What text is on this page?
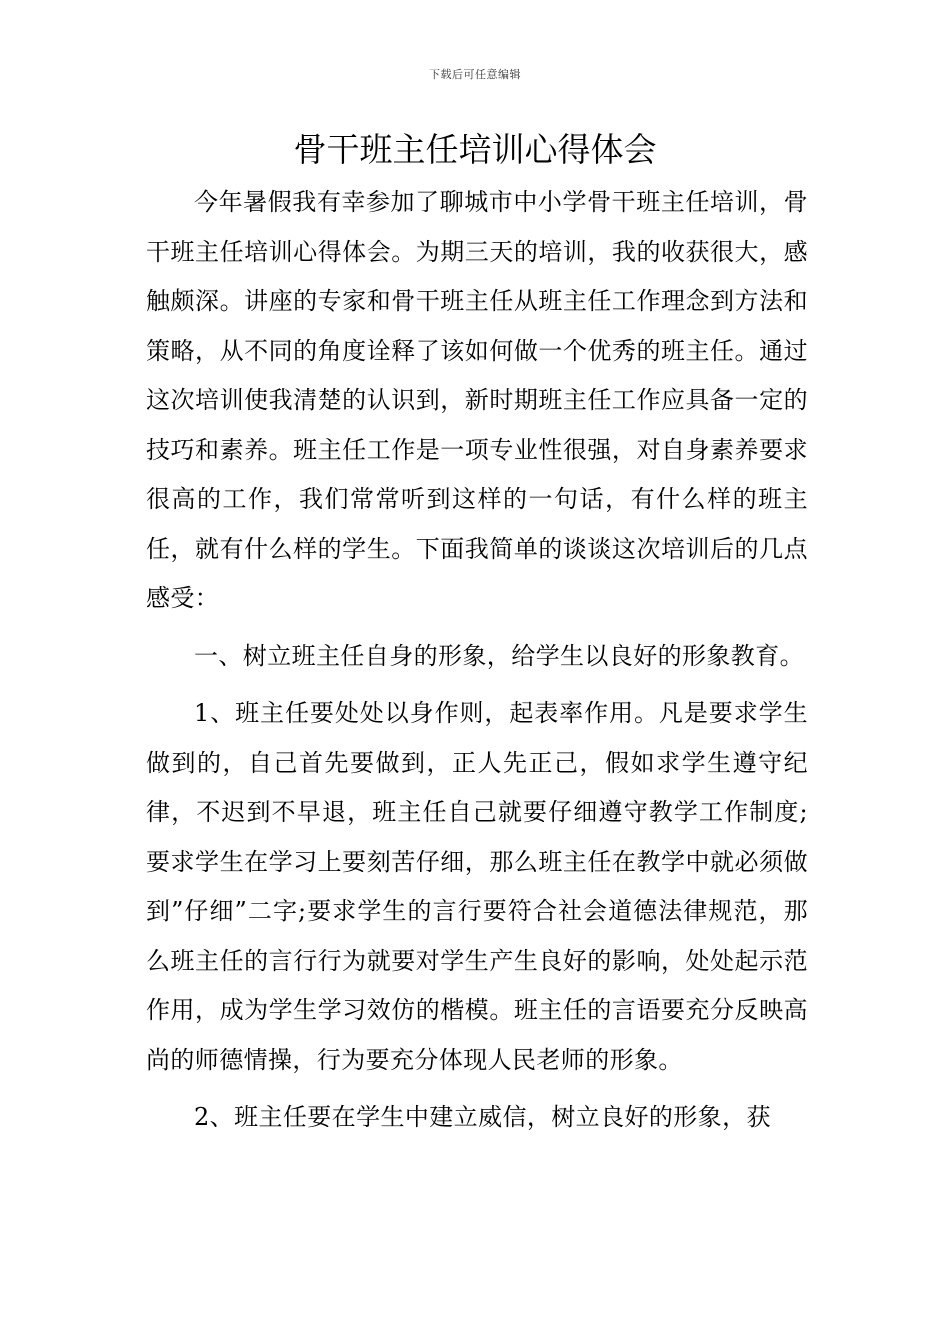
下载后可任意编辑
骨干班主任培训心得体会

今年暑假我有幸参加了聊城市中小学骨干班主任培训，骨干班主任培训心得体会。为期三天的培训，我的收获很大，感触颇深。讲座的专家和骨干班主任从班主任工作理念到方法和策略，从不同的角度诠释了该如何做一个优秀的班主任。通过这次培训使我清楚的认识到，新时期班主任工作应具备一定的技巧和素养。班主任工作是一项专业性很强，对自身素养要求很高的工作，我们常常听到这样的一句话，有什么样的班主任，就有什么样的学生。下面我简单的谈谈这次培训后的几点感受：

一、树立班主任自身的形象，给学生以良好的形象教育。

1、班主任要处处以身作则，起表率作用。凡是要求学生做到的，自己首先要做到，正人先正己，假如求学生遵守纪律，不迟到不早退，班主任自己就要仔细遵守教学工作制度;要求学生在学习上要刻苦仔细，那么班主任在教学中就必须做到”仔细”二字;要求学生的言行要符合社会道德法律规范，那么班主任的言行行为就要对学生产生良好的影响，处处起示范作用，成为学生学习效仿的楷模。班主任的言语要充分反映高尚的师德情操，行为要充分体现人民老师的形象。

2、班主任要在学生中建立威信，树立良好的形象，获
